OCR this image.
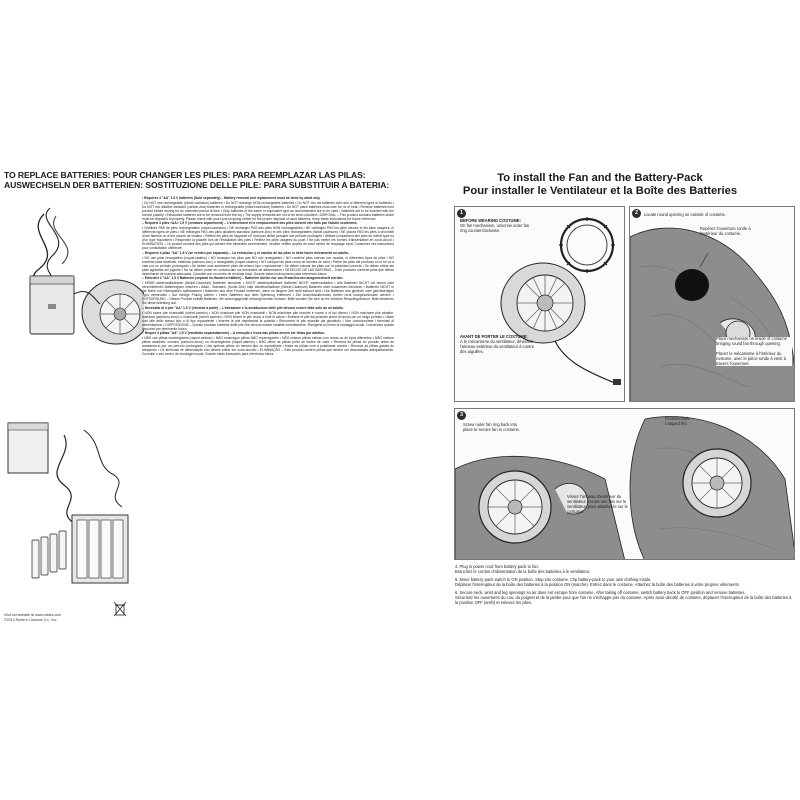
TO REPLACE BATTERIES: POUR CHANGER LES PILES: PARA REEMPLAZAR LAS PILAS:
AUSWECHSELN DER BATTERIEN: SOSTITUZIONE DELLE PILE: PARA SUBSTITUIR A BATERIA:

• Requires 4 "AA" 1.5 V batteries (Sold separately) – Battery removal and replacement must be done by adult only.

• Do NOT use rechargeable (nickel-cadmium) batteries • Do NOT recharge NON-rechargeable batteries • Do NOT mix old batteries with new or different types of batteries • Do NOT mix alkaline standard (carbon-zinc) batteries or rechargeable (nickel-cadmium) batteries • Do NOT place batteries must care for no of heat • Remove batteries from product before storing for an extended period of time • Only batteries of the same or equivalent type as recommended are to be used • Batteries are to be inserted with the correct polarity • Exhausted batteries are to be removed from the toy • The supply terminals are not to be short-circuited • DISPOSAL – This product contains batteries which must be disposed of properly. Please check with your local recycling center for the proper disposal of used batteries. Keep these instructions for future reference.

– Requiert 4 piles «AA» 1,5 V (vendues séparément) – L'enlèvement et le remplacement des piles doivent être faits par l'adulte seulement.

• N'utilisez PAS de piles rechargeables (nickel-cadmium) • NE rechargez PAS des piles NON rechargeables • NE mélangez PAS les piles neuves et les piles usagées, ni différents types de piles • NE mélangez PAS des piles alcalines standard (carbone-zinc) et des piles rechargeables (nickel-cadmium) • NE placez PAS les piles à proximité d'une flamme ou d'une source de chaleur • Retirez les piles de l'appareil s'il n'est pas utilisé pendant une période prolongée • Utilisez uniquement des piles du même type ou d'un type équivalent • Respectez la polarité lors de l'installation des piles • Retirez les piles usagées du jouet • Ne pas mettre les bornes d'alimentation en court-circuit • ÉLIMINATION – Ce produit contient des piles qui doivent être éliminées correctement. Veuillez vérifier auprès de votre centre de recyclage local. Conservez ces instructions pour consultation ultérieure.

– Requiere 4 pilas "AA" 1,5 V (se venden por separado) – La extracción y el cambio de las pilas lo debe hacer únicamente un adulto.

• NO use pilas recargables (níquel-cadmio) • NO recargue las pilas que NO son recargables • NO combine pilas nuevas con usadas, ni diferentes tipos de pilas • NO combine pilas alcalinas, estándar (carbono-zinc) o recargables (níquel-cadmio) • NO coloque las pilas cerca de fuentes de calor • Retire las pilas del producto si no se va a usar por un periodo prolongado • Se deben usar solamente pilas del mismo tipo o equivalente • Se deben colocar las pilas con la polaridad correcta • Se deben retirar las pilas agotadas del juguete • No se deben poner en cortocircuito los terminales de alimentación • DESECHO DE LAS BATERÍAS – Este producto contiene pilas que deben desecharse de manera adecuada. Consulte con su centro de reciclaje local. Guarde estas instrucciones para referencia futura.

– Erfordert 4 "AA" 1,5 V Batterien (separat im Handel erhältlich) – Batterien dürfen nur von Erwachsenen ausgewechselt werden.

• KEINE wiederaufladbaren (Nickel-Cadmium) Batterien benutzen • NICHT wiederaufladbare Batterien NICHT wiederaufladen • Alte Batterien NICHT mit neuen oder verschiedenen Batterietypen mischen • Alkali-, Standard- (Kohle-Zink) oder wiederaufladbare (Nickel-Cadmium) Batterien nicht zusammen benutzen • Batterien NICHT in der Nähe von Hitzequellen aufbewahren • Batterien aus dem Produkt entfernen, wenn es längere Zeit nicht benutzt wird • Nur Batterien des gleichen oder gleichwertigen Typs verwenden • Auf richtige Polung achten • Leere Batterien aus dem Spielzeug entfernen • Die Anschlussklemmen dürfen nicht kurzgeschlossen werden • ENTSORGUNG – Dieses Produkt enthält Batterien, die ordnungsgemäß entsorgt werden müssen. Bitte wenden Sie sich an Ihr örtliches Recyclingzentrum. Bitte bewahren Sie diese Anleitung auf.

– Necessita di 4 pile "AA" 1,5 V (vendute a parte) – L'estrazione e la sostituzione delle pile devono essere fatte solo da un adulto.

• NON usare pile ricaricabili (nichel-cadmio) • NON ricaricare pile NON ricaricabili • NON mischiare pile vecchie e nuove o di tipi diversi • NON mischiare pile alcaline, standard (carbonio-zinco) o ricaricabili (nichel-cadmio) • NON tenere le pile vicino a fonti di calore • Estrarre le pile dal prodotto prima di riporlo per un lungo periodo • Usare solo pile dello stesso tipo o di tipo equivalente • Inserire le pile rispettando la polarità • Rimuovere le pile esaurite dal giocattolo • Non cortocircuitare i terminali di alimentazione • DISPOSIZIONE – Questo prodotto contiene delle pile che devono essere smaltite correttamente. Rivolgersi al centro di riciclaggio locale. Conservare queste istruzioni per riferimento futuro.

– Requer 4 pilhas "AA" 1,5 V (vendidas separadamente) – A remoção e troca das pilhas devem ser feitas por adultos.

• NÃO use pilhas recarregáveis (níquel-cádmio) • NÃO recarregue pilhas NÃO recarregáveis • NÃO misture pilhas velhas com novas ou de tipos diferentes • NÃO misture pilhas alcalinas, comuns (carbono-zinco) ou recarregáveis (níquel-cádmio) • NÃO deixe as pilhas perto de fontes de calor • Remova as pilhas do produto antes de armazená-lo por um período prolongado • Use apenas pilhas do mesmo tipo ou equivalente • Insira as pilhas com a polaridade correta • Remova as pilhas gastas do brinquedo • Os terminais de alimentação não devem entrar em curto-circuito • ELIMINAÇÃO – Este produto contém pilhas que devem ser descartadas adequadamente. Consulte o seu centro de reciclagem local. Guarde estas instruções para referência futura.

Visit our website at www.rubies.com
©2013 Rubie's Costume Co., Inc.
To install the Fan and the Battery-Pack
Pour installer le Ventilateur et la Boîte des Batteries
1
BEFORE WEARING COSTUME:
On fan mechanism, unscrew outer fan ring counterclockwise.
AVANT DE PORTER LE COSTUME:
À le mécanisme du ventilateur, dévissez l'anneau extérieur du ventilateur à contre des aiguilles.
2	Locate round opening on outside of costume.
Repérez l'ouverture ronde à l'extérieur du costume.
Place mechanism on inside of costume bringing round fan through opening.

Placez le mécanisme à l'intérieur du costume, avec le pièce ronde à venir à travers l'ouverture.
3
Screw outer fan ring back into place to secure fan to costume.
Vissez l'anneau d'extérieur du ventilateur encore une fois sur le ventilateur, pour attacher-le sur le costume.
Finished look.
L'aspect fini.

4. Plug in power cord from battery-pack to fan.
Branchez le cordon d'alimentation de la boîte des batteries à le ventilateur.

5. Move battery-pack switch to ON position. Step into costume. Clip battery-pack to your own clothing inside.
Déplacer l'interrupteur de la boîte des batteries à la position ON (marche). Entrez dans le costume. Attachez la boîte des batteries à votre propres vêtements.

6. Secure neck, wrist and leg openings so air does not escape from costume. After taking off costume, switch battery back to OFF position and remove batteries.
Sécurisez les ouvertures du cou, du poignet et de la jambe pour que l'air ne s'échappe pas du costume. Après avoir décollé de costume, déplacez l'interrupteur de la boîte des batteries à la position OFF (arrêt) et enlevez les piles.
